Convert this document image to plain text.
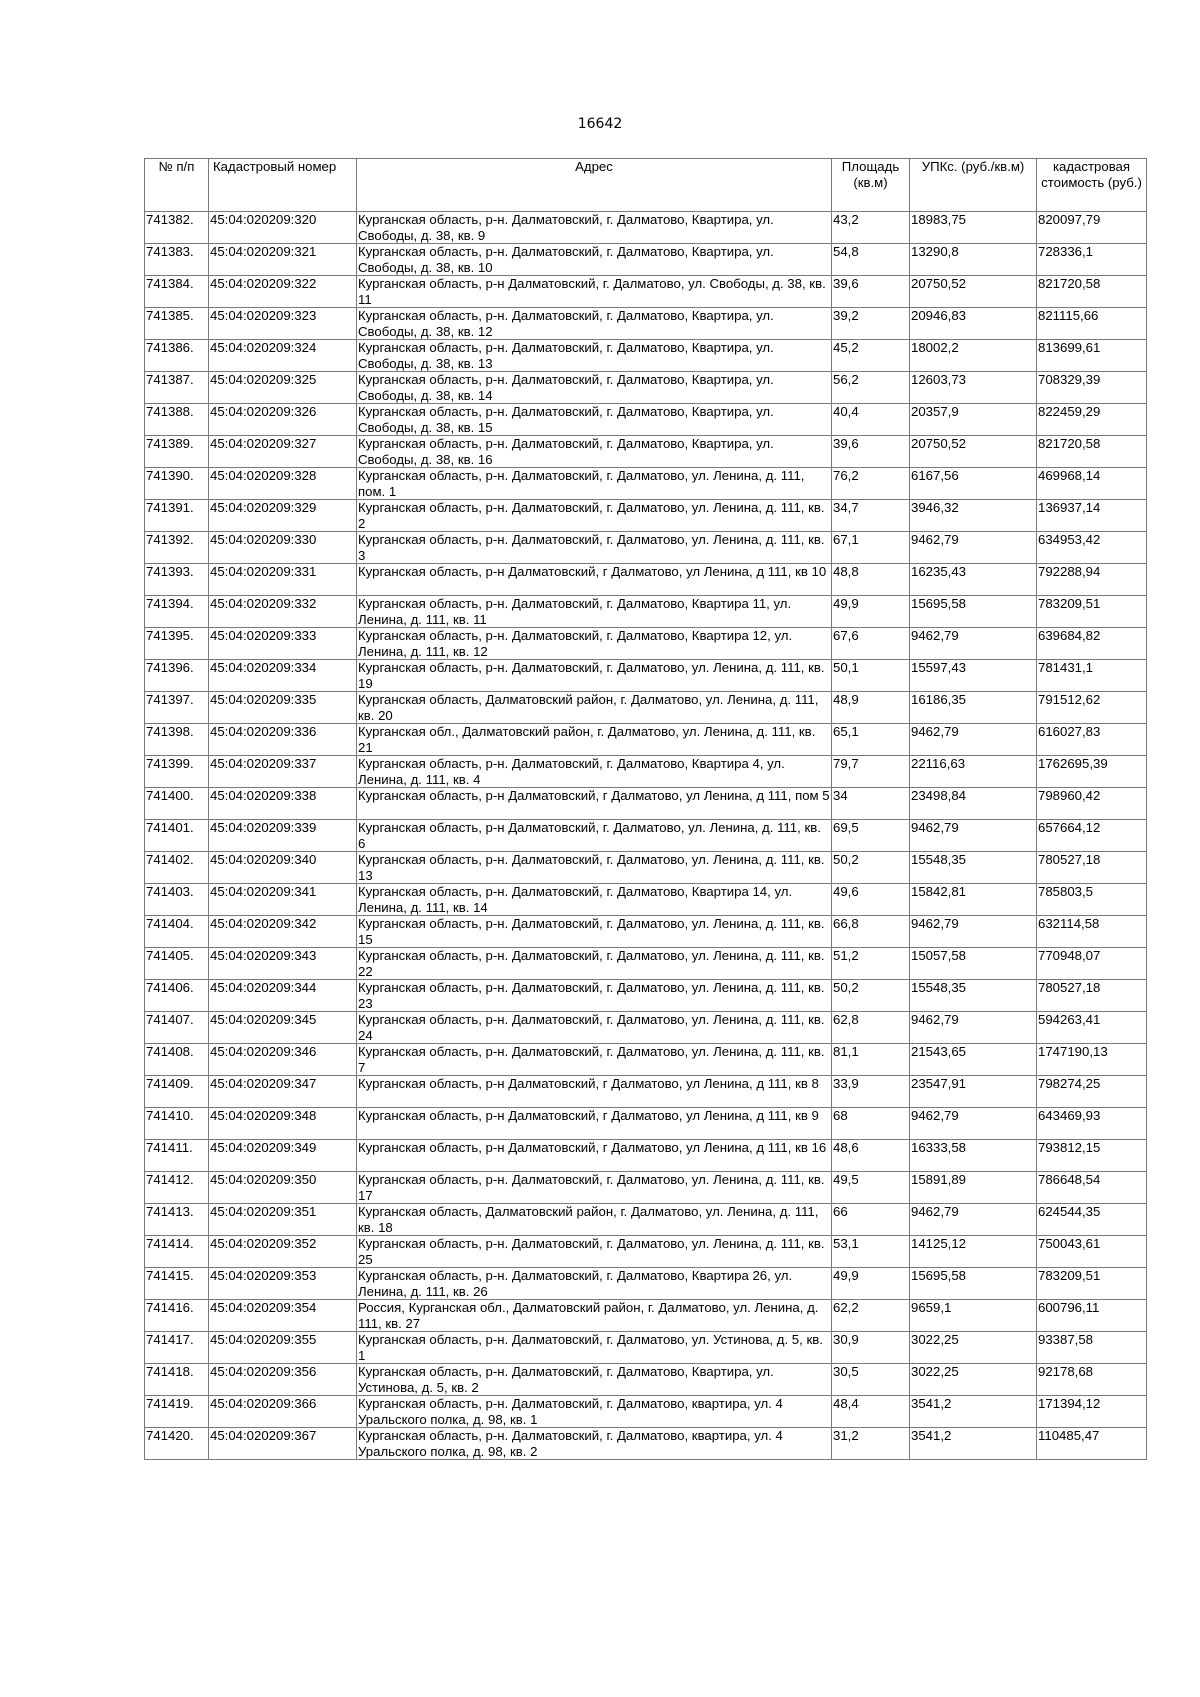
16642
№ п/п	Кадастровый номер	Адрес	Площадь (кв.м)	УПКс. (руб./кв.м)	кадастровая стоимость (руб.)
741382.	45:04:020209:320	Курганская область, р-н. Далматовский, г. Далматово, Квартира, ул. Свободы, д. 38, кв. 9	43,2	18983,75	820097,79
741383.	45:04:020209:321	Курганская область, р-н. Далматовский, г. Далматово, Квартира, ул. Свободы, д. 38, кв. 10	54,8	13290,8	728336,1
741384.	45:04:020209:322	Курганская область, р-н Далматовский, г. Далматово, ул. Свободы, д. 38, кв. 11	39,6	20750,52	821720,58
741385.	45:04:020209:323	Курганская область, р-н. Далматовский, г. Далматово, Квартира, ул. Свободы, д. 38, кв. 12	39,2	20946,83	821115,66
741386.	45:04:020209:324	Курганская область, р-н. Далматовский, г. Далматово, Квартира, ул. Свободы, д. 38, кв. 13	45,2	18002,2	813699,61
741387.	45:04:020209:325	Курганская область, р-н. Далматовский, г. Далматово, Квартира, ул. Свободы, д. 38, кв. 14	56,2	12603,73	708329,39
741388.	45:04:020209:326	Курганская область, р-н. Далматовский, г. Далматово, Квартира, ул. Свободы, д. 38, кв. 15	40,4	20357,9	822459,29
741389.	45:04:020209:327	Курганская область, р-н. Далматовский, г. Далматово, Квартира, ул. Свободы, д. 38, кв. 16	39,6	20750,52	821720,58
741390.	45:04:020209:328	Курганская область, р-н. Далматовский, г. Далматово, ул. Ленина, д. 111, пом. 1	76,2	6167,56	469968,14
741391.	45:04:020209:329	Курганская область, р-н. Далматовский, г. Далматово, ул. Ленина, д. 111, кв. 2	34,7	3946,32	136937,14
741392.	45:04:020209:330	Курганская область, р-н. Далматовский, г. Далматово, ул. Ленина, д. 111, кв. 3	67,1	9462,79	634953,42
741393.	45:04:020209:331	Курганская область, р-н Далматовский, г Далматово, ул Ленина, д 111, кв 10	48,8	16235,43	792288,94
741394.	45:04:020209:332	Курганская область, р-н. Далматовский, г. Далматово, Квартира 11, ул. Ленина, д. 111, кв. 11	49,9	15695,58	783209,51
741395.	45:04:020209:333	Курганская область, р-н. Далматовский, г. Далматово, Квартира 12, ул. Ленина, д. 111, кв. 12	67,6	9462,79	639684,82
741396.	45:04:020209:334	Курганская область, р-н. Далматовский, г. Далматово, ул. Ленина, д. 111, кв. 19	50,1	15597,43	781431,1
741397.	45:04:020209:335	Курганская область, Далматовский район, г. Далматово, ул. Ленина, д. 111, кв. 20	48,9	16186,35	791512,62
741398.	45:04:020209:336	Курганская обл., Далматовский район, г. Далматово, ул. Ленина, д. 111, кв. 21	65,1	9462,79	616027,83
741399.	45:04:020209:337	Курганская область, р-н. Далматовский, г. Далматово, Квартира 4, ул. Ленина, д. 111, кв. 4	79,7	22116,63	1762695,39
741400.	45:04:020209:338	Курганская область, р-н Далматовский, г Далматово, ул Ленина, д 111, пом 5	34	23498,84	798960,42
741401.	45:04:020209:339	Курганская область, р-н Далматовский, г. Далматово, ул. Ленина, д. 111, кв. 6	69,5	9462,79	657664,12
741402.	45:04:020209:340	Курганская область, р-н. Далматовский, г. Далматово, ул. Ленина, д. 111, кв. 13	50,2	15548,35	780527,18
741403.	45:04:020209:341	Курганская область, р-н. Далматовский, г. Далматово, Квартира 14, ул. Ленина, д. 111, кв. 14	49,6	15842,81	785803,5
741404.	45:04:020209:342	Курганская область, р-н. Далматовский, г. Далматово, ул. Ленина, д. 111, кв. 15	66,8	9462,79	632114,58
741405.	45:04:020209:343	Курганская область, р-н. Далматовский, г. Далматово, ул. Ленина, д. 111, кв. 22	51,2	15057,58	770948,07
741406.	45:04:020209:344	Курганская область, р-н. Далматовский, г. Далматово, ул. Ленина, д. 111, кв. 23	50,2	15548,35	780527,18
741407.	45:04:020209:345	Курганская область, р-н. Далматовский, г. Далматово, ул. Ленина, д. 111, кв. 24	62,8	9462,79	594263,41
741408.	45:04:020209:346	Курганская область, р-н. Далматовский, г. Далматово, ул. Ленина, д. 111, кв. 7	81,1	21543,65	1747190,13
741409.	45:04:020209:347	Курганская область, р-н Далматовский, г Далматово, ул Ленина, д 111, кв 8	33,9	23547,91	798274,25
741410.	45:04:020209:348	Курганская область, р-н Далматовский, г Далматово, ул Ленина, д 111, кв 9	68	9462,79	643469,93
741411.	45:04:020209:349	Курганская область, р-н Далматовский, г Далматово, ул Ленина, д 111, кв 16	48,6	16333,58	793812,15
741412.	45:04:020209:350	Курганская область, р-н. Далматовский, г. Далматово, ул. Ленина, д. 111, кв. 17	49,5	15891,89	786648,54
741413.	45:04:020209:351	Курганская область, Далматовский район, г. Далматово, ул. Ленина, д. 111, кв. 18	66	9462,79	624544,35
741414.	45:04:020209:352	Курганская область, р-н. Далматовский, г. Далматово, ул. Ленина, д. 111, кв. 25	53,1	14125,12	750043,61
741415.	45:04:020209:353	Курганская область, р-н. Далматовский, г. Далматово, Квартира 26, ул. Ленина, д. 111, кв. 26	49,9	15695,58	783209,51
741416.	45:04:020209:354	Россия, Курганская обл., Далматовский район, г. Далматово, ул. Ленина, д. 111, кв. 27	62,2	9659,1	600796,11
741417.	45:04:020209:355	Курганская область, р-н. Далматовский, г. Далматово, ул. Устинова, д. 5, кв. 1	30,9	3022,25	93387,58
741418.	45:04:020209:356	Курганская область, р-н. Далматовский, г. Далматово, Квартира, ул. Устинова, д. 5, кв. 2	30,5	3022,25	92178,68
741419.	45:04:020209:366	Курганская область, р-н. Далматовский, г. Далматово, квартира, ул. 4 Уральского полка, д. 98, кв. 1	48,4	3541,2	171394,12
741420.	45:04:020209:367	Курганская область, р-н. Далматовский, г. Далматово, квартира, ул. 4 Уральского полка, д. 98, кв. 2	31,2	3541,2	110485,47
